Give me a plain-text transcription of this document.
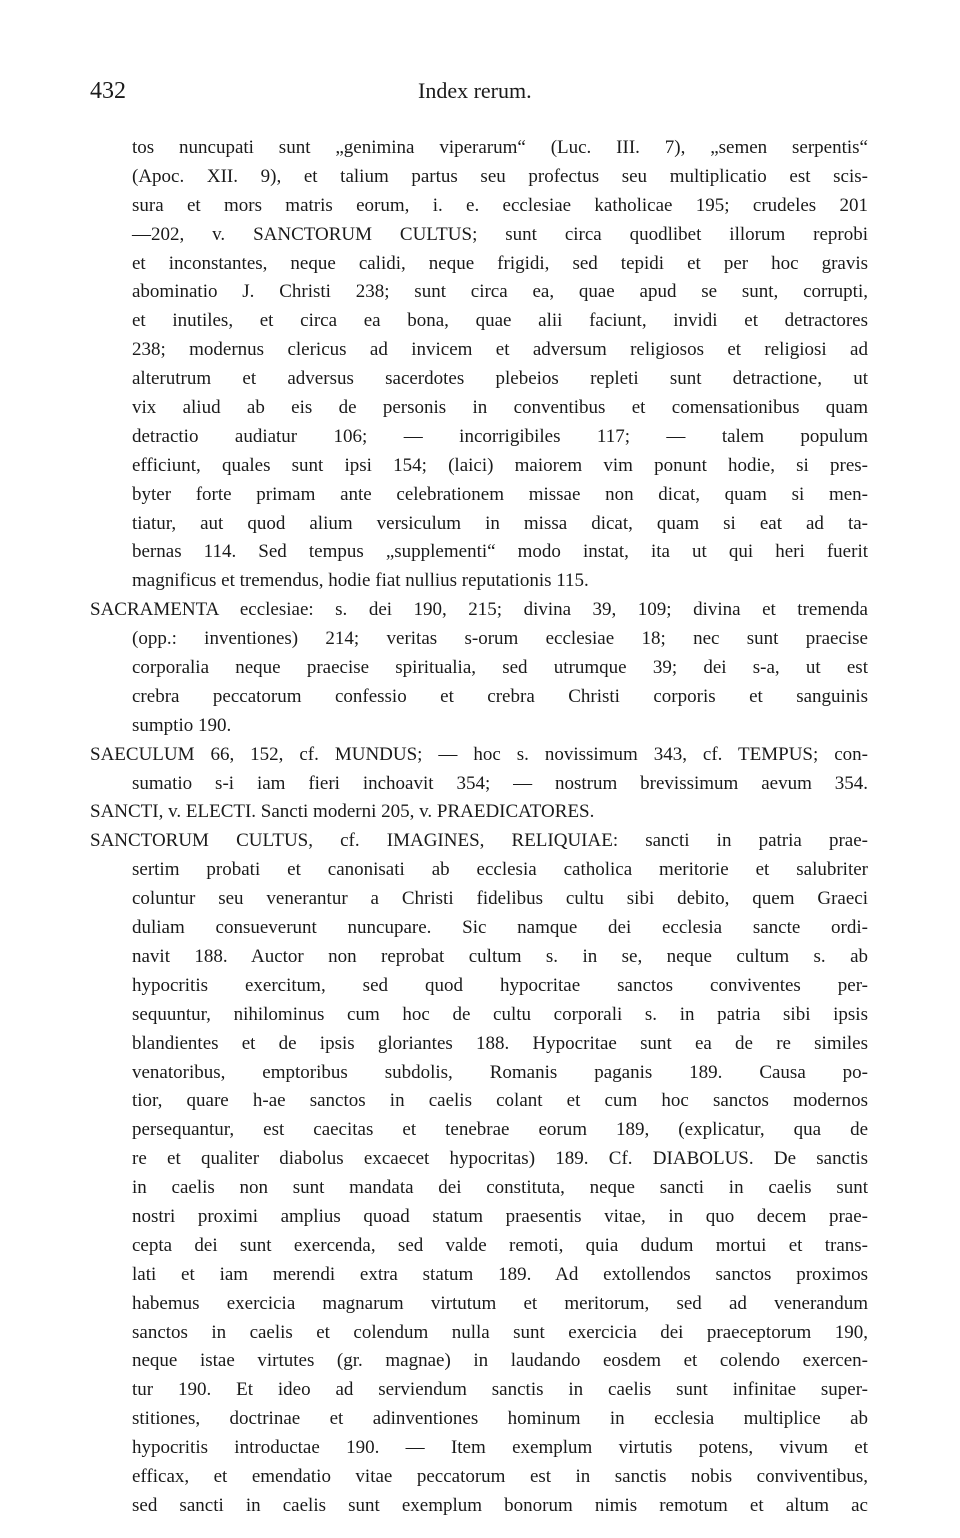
432	Index rerum.
tos nuncupati sunt „genimina viperarum“ (Luc. III. 7), „semen serpentis“
(Apoc. XII. 9), et talium partus seu profectus seu multiplicatio est scis-
sura et mors matris eorum, i. e. ecclesiae katholicae 195; crudeles 201
—202, v. SANCTORUM CULTUS; sunt circa quodlibet illorum reprobi
et inconstantes, neque calidi, neque frigidi, sed tepidi et per hoc gravis
abominatio J. Christi 238; sunt circa ea, quae apud se sunt, corrupti,
et inutiles, et circa ea bona, quae alii faciunt, invidi et detractores
238; modernus clericus ad invicem et adversum religiosos et religiosi ad
alterutrum et adversus sacerdotes plebeios repleti sunt detractione, ut
vix aliud ab eis de personis in conventibus et comensationibus quam
detractio audiatur 106; — incorrigibiles 117; — talem populum
efficiunt, quales sunt ipsi 154; (laici) maiorem vim ponunt hodie, si pres-
byter forte primam ante celebrationem missae non dicat, quam si men-
tiatur, aut quod alium versiculum in missa dicat, quam si eat ad ta-
bernas 114. Sed tempus „supplementi“ modo instat, ita ut qui heri fuerit
magnificus et tremendus, hodie fiat nullius reputationis 115.
SACRAMENTA ecclesiae: s. dei 190, 215; divina 39, 109; divina et tremenda
(opp.: inventiones) 214; veritas s-orum ecclesiae 18; nec sunt praecise
corporalia neque praecise spiritualia, sed utrumque 39; dei s-a, ut est
crebra peccatorum confessio et crebra Christi corporis et sanguinis
sumptio 190.
SAECULUM 66, 152, cf. MUNDUS; — hoc s. novissimum 343, cf. TEMPUS; con-
sumatio s-i iam fieri inchoavit 354; — nostrum brevissimum aevum 354.
SANCTI, v. ELECTI. Sancti moderni 205, v. PRAEDICATORES.
SANCTORUM CULTUS, cf. IMAGINES, RELIQUIAE: sancti in patria prae-
sertim probati et canonisati ab ecclesia catholica meritorie et salubriter
coluntur seu venerantur a Christi fidelibus cultu sibi debito, quem Graeci
duliam consueverunt nuncupare. Sic namque dei ecclesia sancte ordi-
navit 188. Auctor non reprobat cultum s. in se, neque cultum s. ab
hypocritis exercitum, sed quod hypocritae sanctos conviventes per-
sequuntur, nihilominus cum hoc de cultu corporali s. in patria sibi ipsis
blandientes et de ipsis gloriantes 188. Hypocritae sunt ea de re similes
venatoribus, emptoribus subdolis, Romanis paganis 189. Causa po-
tior, quare h-ae sanctos in caelis colant et cum hoc sanctos modernos
persequantur, est caecitas et tenebrae eorum 189, (explicatur, qua de
re et qualiter diabolus excaecet hypocritas) 189. Cf. DIABOLUS. De sanctis
in caelis non sunt mandata dei constituta, neque sancti in caelis sunt
nostri proximi amplius quoad statum praesentis vitae, in quo decem prae-
cepta dei sunt exercenda, sed valde remoti, quia dudum mortui et trans-
lati et iam merendi extra statum 189. Ad extollendos sanctos proximos
habemus exercicia magnarum virtutum et meritorum, sed ad venerandum
sanctos in caelis et colendum nulla sunt exercicia dei praeceptorum 190,
neque istae virtutes (gr. magnae) in laudando eosdem et colendo exercen-
tur 190. Et ideo ad serviendum sanctis in caelis sunt infinitae super-
stitiones, doctrinae et adinventiones hominum in ecclesia multiplice ab
hypocritis introductae 190. — Item exemplum virtutis potens, vivum et
efficax, et emendatio vitae peccatorum est in sanctis nobis conviventibus,
sed sancti in caelis sunt exemplum bonorum nimis remotum et altum ac
